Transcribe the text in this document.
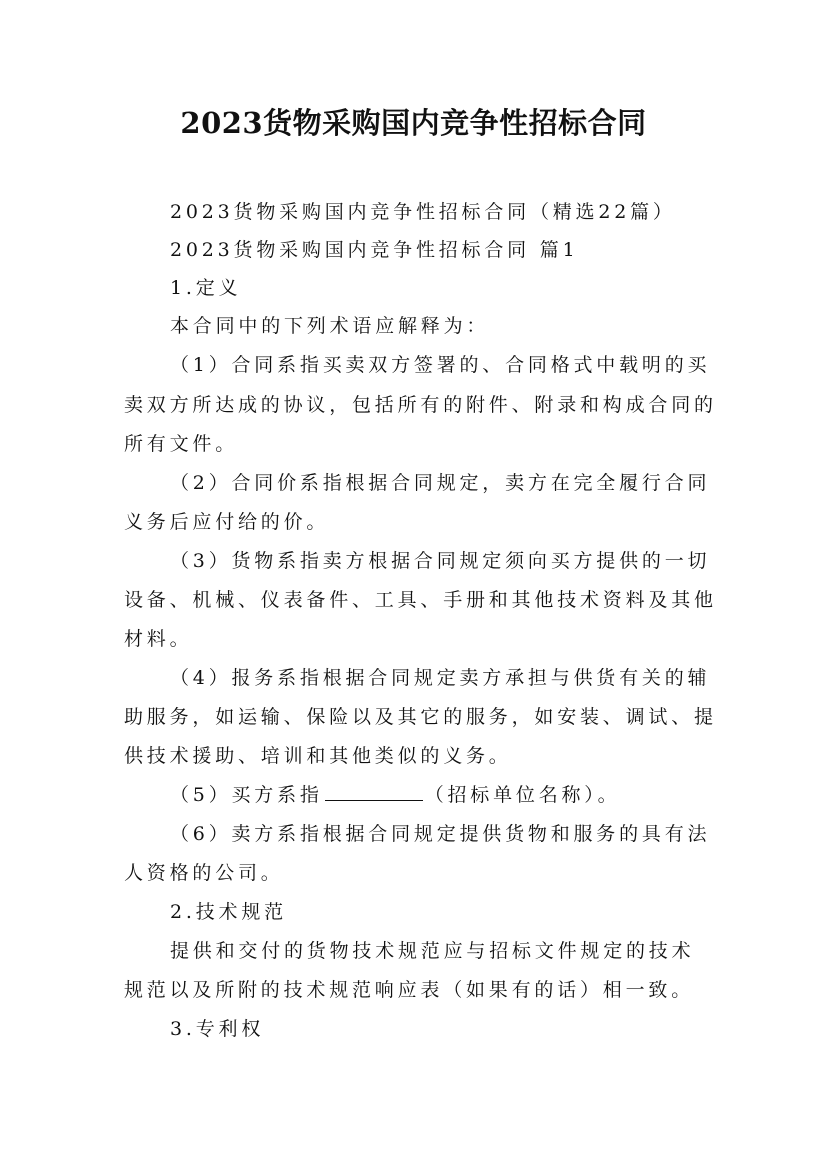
2023货物采购国内竞争性招标合同
2023货物采购国内竞争性招标合同（精选22篇）
2023货物采购国内竞争性招标合同 篇1
1.定义
本合同中的下列术语应解释为：
（1）合同系指买卖双方签署的、合同格式中载明的买
卖双方所达成的协议，包括所有的附件、附录和构成合同的
所有文件。
（2）合同价系指根据合同规定，卖方在完全履行合同
义务后应付给的价。
（3）货物系指卖方根据合同规定须向买方提供的一切
设备、机械、仪表备件、工具、手册和其他技术资料及其他
材料。
（4）报务系指根据合同规定卖方承担与供货有关的辅
助服务，如运输、保险以及其它的服务，如安装、调试、提
供技术援助、培训和其他类似的义务。
（5）买方系指	（招标单位名称）。
（6）卖方系指根据合同规定提供货物和服务的具有法
人资格的公司。
2.技术规范
提供和交付的货物技术规范应与招标文件规定的技术
规范以及所附的技术规范响应表（如果有的话）相一致。
3.专利权
